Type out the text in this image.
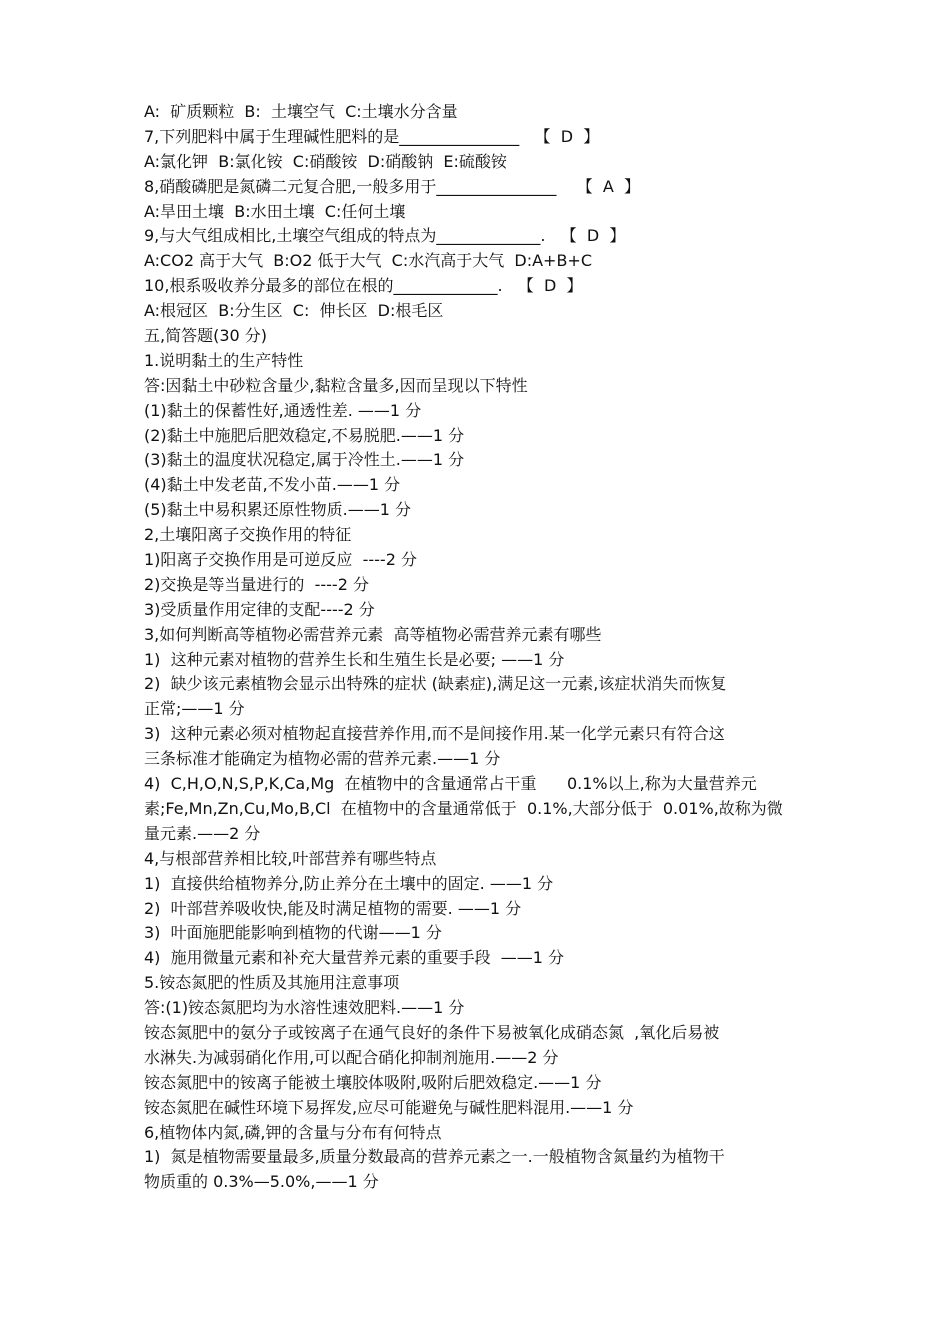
A:  矿质颗粒  B:  土壤空气  C:土壤水分含量
7,下列肥料中属于生理碱性肥料的是_______________   【  D  】
A:氯化钾  B:氯化铵  C:硝酸铵  D:硝酸钠  E:硫酸铵
8,硝酸磷肥是氮磷二元复合肥,一般多用于_______________    【  A  】
A:旱田土壤  B:水田土壤  C:任何土壤
9,与大气组成相比,土壤空气组成的特点为_____________.   【  D  】
A:CO2 高于大气  B:O2 低于大气  C:水汽高于大气  D:A+B+C
10,根系吸收养分最多的部位在根的_____________.   【  D  】
A:根冠区  B:分生区  C:  伸长区  D:根毛区
五,简答题(30 分)
1.说明黏土的生产特性
答:因黏土中砂粒含量少,黏粒含量多,因而呈现以下特性
(1)黏土的保蓄性好,通透性差. ——1 分
(2)黏土中施肥后肥效稳定,不易脱肥.——1 分
(3)黏土的温度状况稳定,属于冷性土.——1 分
(4)黏土中发老苗,不发小苗.——1 分
(5)黏土中易积累还原性物质.——1 分
2,土壤阳离子交换作用的特征
1)阳离子交换作用是可逆反应  ----2 分
2)交换是等当量进行的  ----2 分
3)受质量作用定律的支配----2 分
3,如何判断高等植物必需营养元素  高等植物必需营养元素有哪些
1)  这种元素对植物的营养生长和生殖生长是必要; ——1 分
2)  缺少该元素植物会显示出特殊的症状 (缺素症),满足这一元素,该症状消失而恢复
正常;——1 分
3)  这种元素必须对植物起直接营养作用,而不是间接作用.某一化学元素只有符合这
三条标准才能确定为植物必需的营养元素.——1 分
4)  C,H,O,N,S,P,K,Ca,Mg  在植物中的含量通常占干重      0.1%以上,称为大量营养元
素;Fe,Mn,Zn,Cu,Mo,B,Cl  在植物中的含量通常低于  0.1%,大部分低于  0.01%,故称为微
量元素.——2 分
4,与根部营养相比较,叶部营养有哪些特点
1)  直接供给植物养分,防止养分在土壤中的固定. ——1 分
2)  叶部营养吸收快,能及时满足植物的需要. ——1 分
3)  叶面施肥能影响到植物的代谢——1 分
4)  施用微量元素和补充大量营养元素的重要手段  ——1 分
5.铵态氮肥的性质及其施用注意事项
答:(1)铵态氮肥均为水溶性速效肥料.——1 分
铵态氮肥中的氨分子或铵离子在通气良好的条件下易被氧化成硝态氮  ,氧化后易被
水淋失.为减弱硝化作用,可以配合硝化抑制剂施用.——2 分
铵态氮肥中的铵离子能被土壤胶体吸附,吸附后肥效稳定.——1 分
铵态氮肥在碱性环境下易挥发,应尽可能避免与碱性肥料混用.——1 分
6,植物体内氮,磷,钾的含量与分布有何特点
1)  氮是植物需要量最多,质量分数最高的营养元素之一.一般植物含氮量约为植物干
物质重的 0.3%—5.0%,——1 分
